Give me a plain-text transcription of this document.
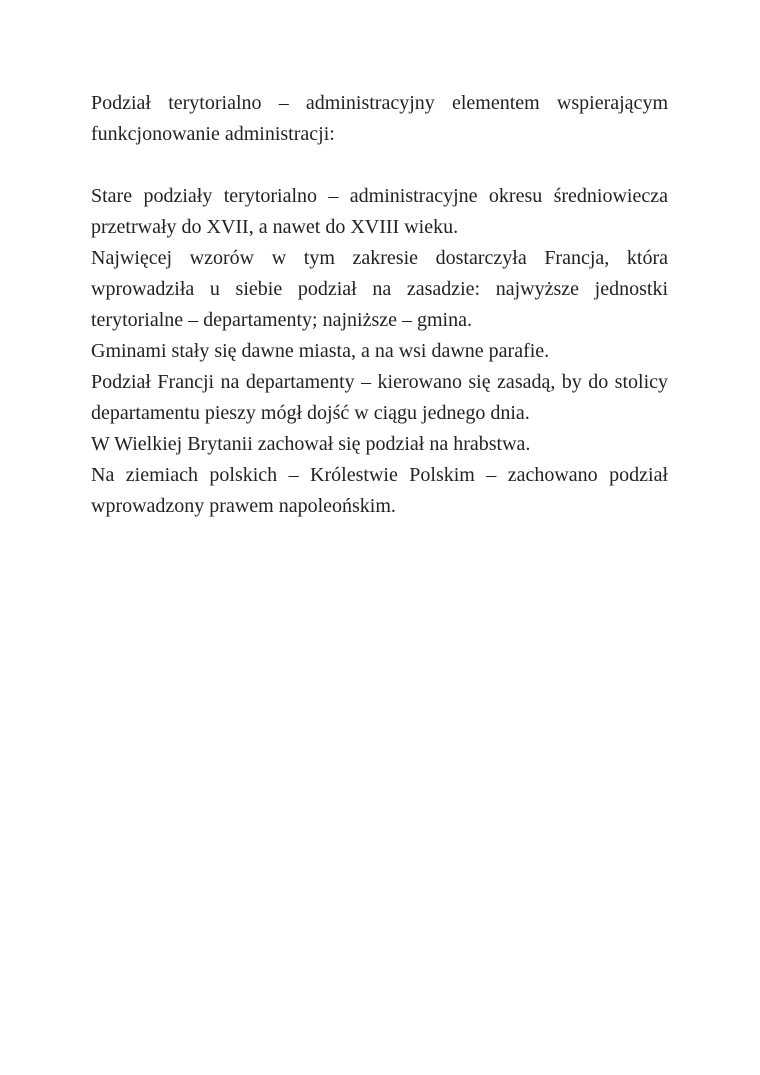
Podział terytorialno – administracyjny elementem wspierającym funkcjonowanie administracji:

Stare podziały terytorialno – administracyjne okresu średniowiecza przetrwały do XVII, a nawet do XVIII wieku.

Najwięcej wzorów w tym zakresie dostarczyła Francja, która wprowadziła u siebie podział na zasadzie: najwyższe jednostki terytorialne – departamenty; najniższe – gmina.

Gminami stały się dawne miasta, a na wsi dawne parafie.

Podział Francji na departamenty – kierowano się zasadą, by do stolicy departamentu pieszy mógł dojść w ciągu jednego dnia.

W Wielkiej Brytanii zachował się podział na hrabstwa.

Na ziemiach polskich – Królestwie Polskim – zachowano podział wprowadzony prawem napoleońskim.
